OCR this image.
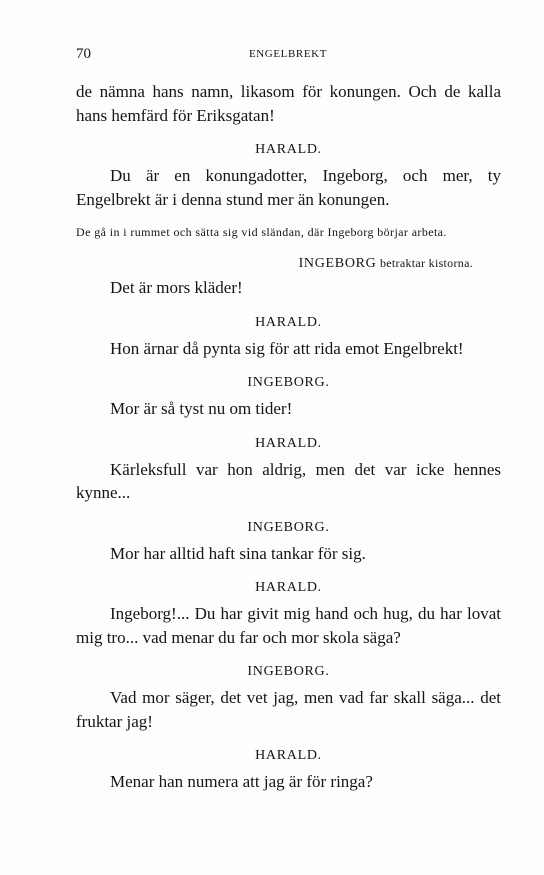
70	ENGELBREKT

de nämna hans namn, likasom för konungen. Och de kalla hans hemfärd för Eriksgatan!

HARALD.

Du är en konungadotter, Ingeborg, och mer, ty Engelbrekt är i denna stund mer än konungen.

De gå in i rummet och sätta sig vid sländan, där Ingeborg börjar arbeta.

INGEBORG betraktar kistorna.

Det är mors kläder!

HARALD.

Hon ärnar då pynta sig för att rida emot Engelbrekt!

INGEBORG.

Mor är så tyst nu om tider!

HARALD.

Kärleksfull var hon aldrig, men det var icke hennes kynne...

INGEBORG.

Mor har alltid haft sina tankar för sig.

HARALD.

Ingeborg!... Du har givit mig hand och hug, du har lovat mig tro... vad menar du far och mor skola säga?

INGEBORG.

Vad mor säger, det vet jag, men vad far skall säga... det fruktar jag!

HARALD.

Menar han numera att jag är för ringa?
